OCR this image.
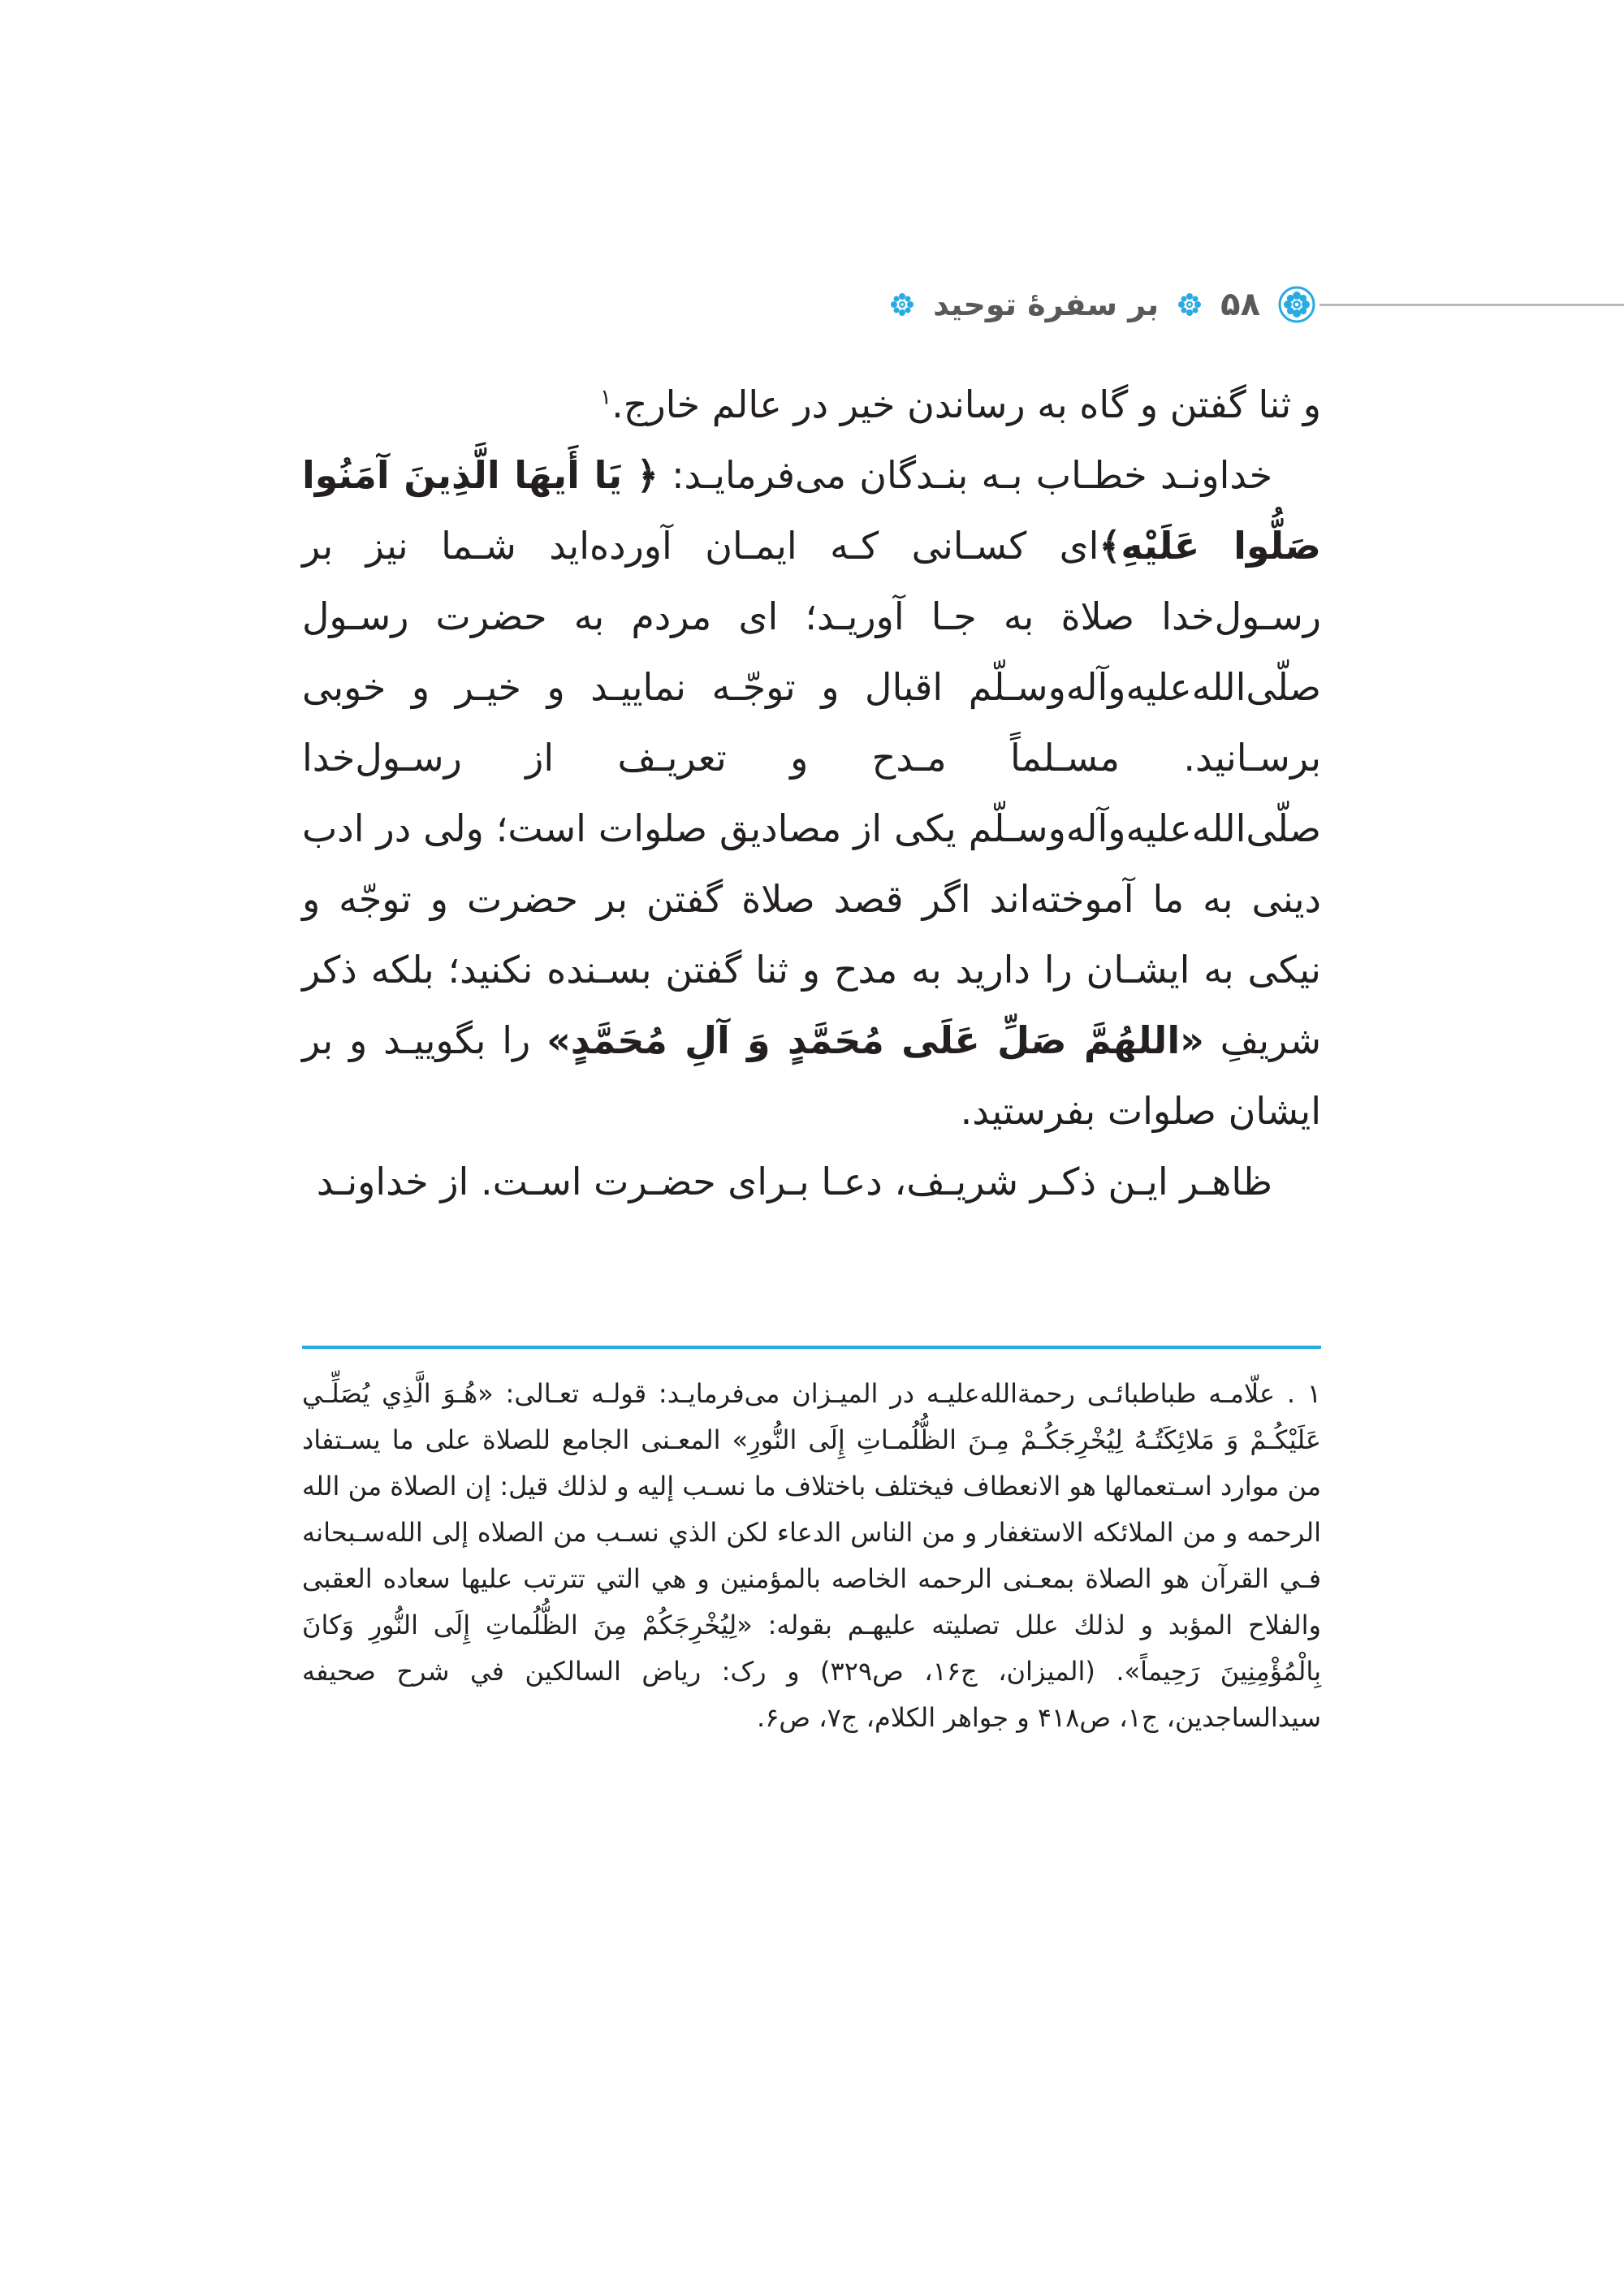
۵۸
بر سفرهٔ توحید

و ثنا گفتن و گاه به رساندن خیر در عالم خارج.$^۱$

خداونـد خطـاب بـه بنـدگان می‌فرمایـد: ﴿ یَا أَیهَا الَّذِینَ آمَنُوا صَلُّوا عَلَیْهِ﴾ای کسـانی کـه ایمـان آورده‌اید شـما نیز بر رسـول‌خدا صلاة به جـا آوریـد؛ ای مردم به حضرت رسـول صلّی‌الله‌علیه‌وآله‌وسـلّم اقبال و توجّـه نماییـد و خیـر و خوبی برسـانید. مسـلماً مـدح و تعریـف از رسـول‌خدا صلّی‌الله‌علیه‌وآله‌وسـلّم یکی از مصادیق صلوات است؛ ولی در ادب دینی به ما آموخته‌اند اگر قصد صلاة گفتن بر حضرت و توجّه و نیکی به ایشـان را دارید به مدح و ثنا گفتن بسـنده نکنید؛ بلکه ذکر شریفِ «اللهُمَّ صَلِّ عَلَی مُحَمَّدٍ وَ آلِ مُحَمَّدٍ» را بگوییـد و بر ایشان صلوات بفرستید.

ظاهـر ایـن ذکـر شریـف، دعـا بـرای حضـرت اسـت. از خداونـد

۱ . علّامـه طباطبائـی رحمة‌الله‌علیـه در المیـزان می‌فرمایـد: قولـه تعـالی: «هُـوَ الَّذِي یُصَلِّـي عَلَیْکُـمْ وَ مَلائِکَتُـهُ لِیُخْرِجَکُـمْ مِـنَ الظُّلُمـاتِ إِلَی النُّورِ» المعـنی الجامع للصلاة علی ما یسـتفاد من موارد اسـتعمالها هو الانعطاف فیختلف باختلاف ما نسـب إلیه و لذلك قیل: إن الصلاة من الله الرحمه و من الملائکه الاستغفار و من الناس الدعاء لکن الذي نسـب من الصلاه إلی الله‌سـبحانه فـي القرآن هو الصلاة بمعـنی الرحمه الخاصه بالمؤمنین و هي التي تترتب علیها سعاده العقبی والفلاح المؤبد و لذلك علل تصلیته علیهـم بقوله: «لِیُخْرِجَکُمْ مِنَ الظُّلُماتِ إِلَی النُّورِ وَکانَ بِالْمُؤْمِنِینَ رَحِیماً». (المیزان، ج۱۶، ص۳۲۹) و رک: ریاض السالکین في شرح صحیفه سیدالساجدین، ج۱، ص۴۱۸ و جواهر الکلام، ج۷، ص۶.
